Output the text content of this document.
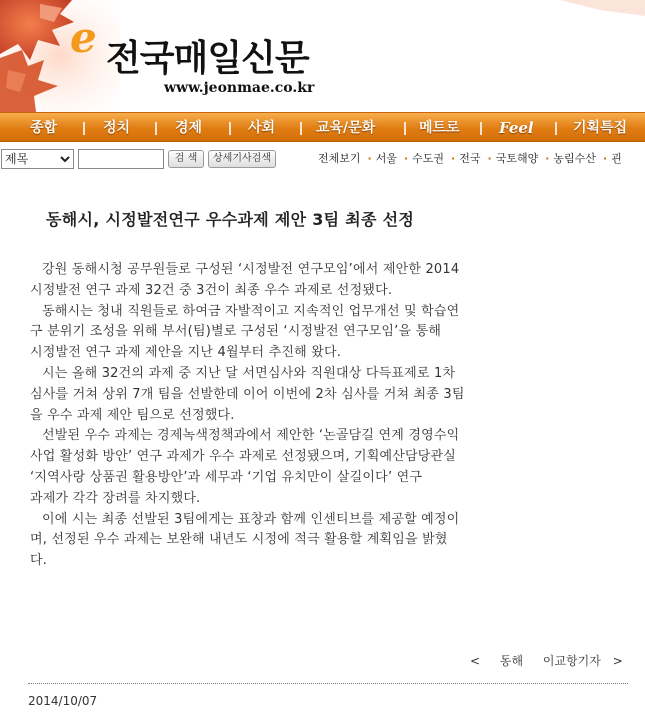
e 전국매일신문
www.jeonmae.co.kr
종합	정치	경제	사회	교육/문화	메트로	Feel	기획특집
제목	검 색	상세기사검색	전체보기 · 서울 · 수도권 · 전국 · 국토해양 · 농림수산 · 괸
동해시, 시정발전연구 우수과제 제안 3팀 최종 선정
강원 동해시청 공무원들로 구성된 ‘시정발전 연구모임’에서 제안한 2014
시정발전 연구 과제 32건 중 3건이 최종 우수 과제로 선정됐다.
동해시는 청내 직원들로 하여금 자발적이고 지속적인 업무개선 및 학습연
구 분위기 조성을 위해 부서(팀)별로 구성된 ‘시정발전 연구모임’을 통해
시정발전 연구 과제 제안을 지난 4월부터 추진해 왔다.
시는 올해 32건의 과제 중 지난 달 서면심사와 직원대상 다득표제로 1차
심사를 거쳐 상위 7개 팀을 선발한데 이어 이번에 2차 심사를 거쳐 최종 3팀
을 우수 과제 제안 팀으로 선정했다.
선발된 우수 과제는 경제녹색정책과에서 제안한 ‘논골담길 연계 경영수익
사업 활성화 방안’ 연구 과제가 우수 과제로 선정됐으며, 기획예산담당관실
‘지역사랑 상품권 활용방안’과 세무과 ‘기업 유치만이 살길이다’ 연구
과제가 각각 장려를 차지했다.
이에 시는 최종 선발된 3팀에게는 표창과 함께 인센티브를 제공할 예정이
며, 선정된 우수 과제는 보완해 내년도 시정에 적극 활용할 계획임을 밝혔
다.
< 동해 이교항기자 >
2014/10/07
